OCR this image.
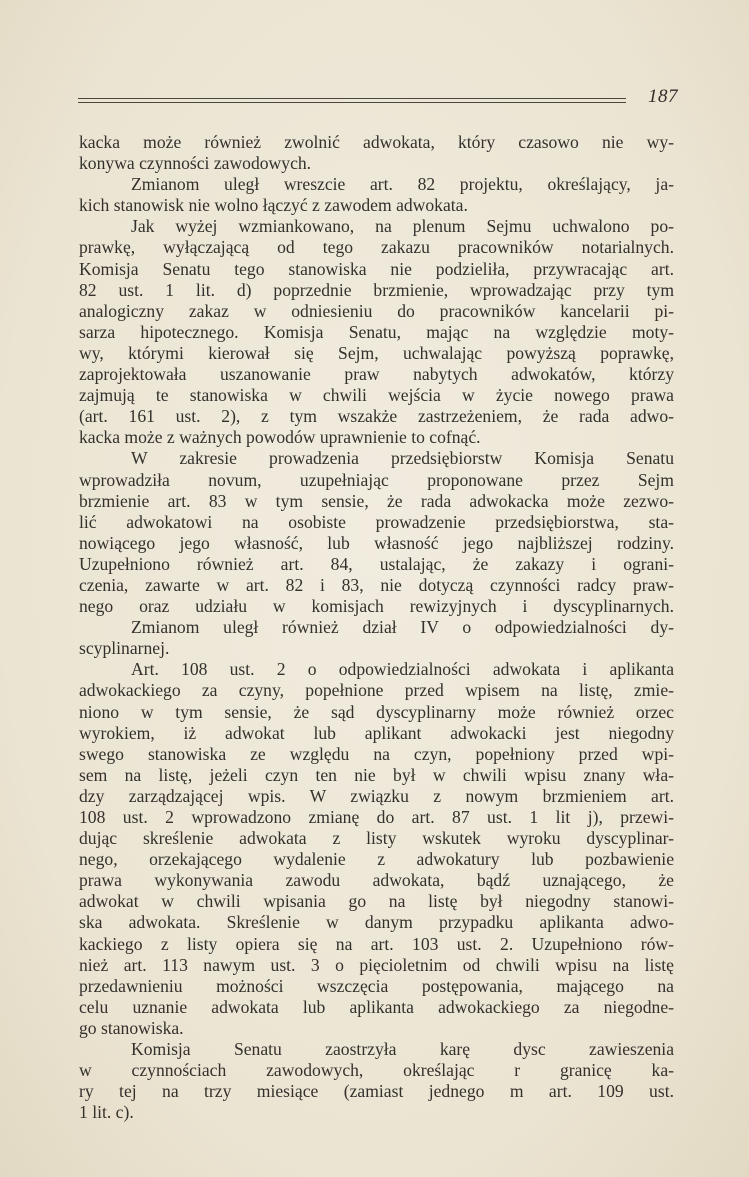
187
kacka może również zwolnić adwokata, który czasowo nie wy-
konywa czynności zawodowych.
Zmianom uległ wreszcie art. 82 projektu, określający, ja-
kich stanowisk nie wolno łączyć z zawodem adwokata.
Jak wyżej wzmiankowano, na plenum Sejmu uchwalono po-
prawkę, wyłączającą od tego zakazu pracowników notarialnych.
Komisja Senatu tego stanowiska nie podzieliła, przywracając art.
82 ust. 1 lit. d) poprzednie brzmienie, wprowadzając przy tym
analogiczny zakaz w odniesieniu do pracowników kancelarii pi-
sarza hipotecznego. Komisja Senatu, mając na względzie moty-
wy, którymi kierował się Sejm, uchwalając powyższą poprawkę,
zaprojektowała uszanowanie praw nabytych adwokatów, którzy
zajmują te stanowiska w chwili wejścia w życie nowego prawa
(art. 161 ust. 2), z tym wszakże zastrzeżeniem, że rada adwo-
kacka może z ważnych powodów uprawnienie to cofnąć.
W zakresie prowadzenia przedsiębiorstw Komisja Senatu
wprowadziła novum, uzupełniając proponowane przez Sejm
brzmienie art. 83 w tym sensie, że rada adwokacka może zezwo-
lić adwokatowi na osobiste prowadzenie przedsiębiorstwa, sta-
nowiącego jego własność, lub własność jego najbliższej rodziny.
Uzupełniono również art. 84, ustalając, że zakazy i ograni-
czenia, zawarte w art. 82 i 83, nie dotyczą czynności radcy praw-
nego oraz udziału w komisjach rewizyjnych i dyscyplinarnych.
Zmianom uległ również dział IV o odpowiedzialności dy-
scyplinarnej.
Art. 108 ust. 2 o odpowiedzialności adwokata i aplikanta
adwokackiego za czyny, popełnione przed wpisem na listę, zmie-
niono w tym sensie, że sąd dyscyplinarny może również orzec
wyrokiem, iż adwokat lub aplikant adwokacki jest niegodny
swego stanowiska ze względu na czyn, popełniony przed wpi-
sem na listę, jeżeli czyn ten nie był w chwili wpisu znany wła-
dzy zarządzającej wpis. W związku z nowym brzmieniem art.
108 ust. 2 wprowadzono zmianę do art. 87 ust. 1 lit j), przewi-
dując skreślenie adwokata z listy wskutek wyroku dyscyplinar-
nego, orzekającego wydalenie z adwokatury lub pozbawienie
prawa wykonywania zawodu adwokata, bądź uznającego, że
adwokat w chwili wpisania go na listę był niegodny stanowi-
ska adwokata. Skreślenie w danym przypadku aplikanta adwo-
kackiego z listy opiera się na art. 103 ust. 2. Uzupełniono rów-
nież art. 113 nawym ust. 3 o pięcioletnim od chwili wpisu na listę
przedawnieniu możności wszczęcia postępowania, mającego na
celu uznanie adwokata lub aplikanta adwokackiego za niegodne-
go stanowiska.
Komisja Senatu zaostrzyła karę dysc zawieszenia
w czynnościach zawodowych, określając r granicę ka-
ry tej na trzy miesiące (zamiast jednego m art. 109 ust.
1 lit. c).
